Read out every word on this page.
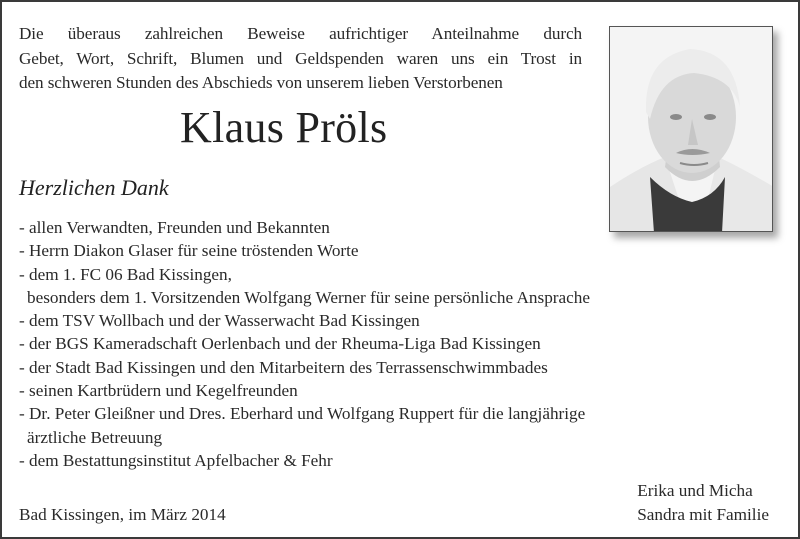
Die überaus zahlreichen Beweise aufrichtiger Anteilnahme durch
Gebet, Wort, Schrift, Blumen und Geldspenden waren uns ein Trost in
den schweren Stunden des Abschieds von unserem lieben Verstorbenen
Klaus Pröls
Herzlichen Dank
- allen Verwandten, Freunden und Bekannten
- Herrn Diakon Glaser für seine tröstenden Worte
- dem 1. FC 06 Bad Kissingen,
besonders dem 1. Vorsitzenden Wolfgang Werner für seine persönliche Ansprache
- dem TSV Wollbach und der Wasserwacht Bad Kissingen
- der BGS Kameradschaft Oerlenbach und der Rheuma-Liga Bad Kissingen
- der Stadt Bad Kissingen und den Mitarbeitern des Terrassenschwimmbades
- seinen Kartbrüdern und Kegelfreunden
- Dr. Peter Gleißner und Dres. Eberhard und Wolfgang Ruppert für die langjährige
ärztliche Betreuung
- dem Bestattungsinstitut Apfelbacher & Fehr
Bad Kissingen, im März 2014
Erika und Micha
Sandra mit Familie
